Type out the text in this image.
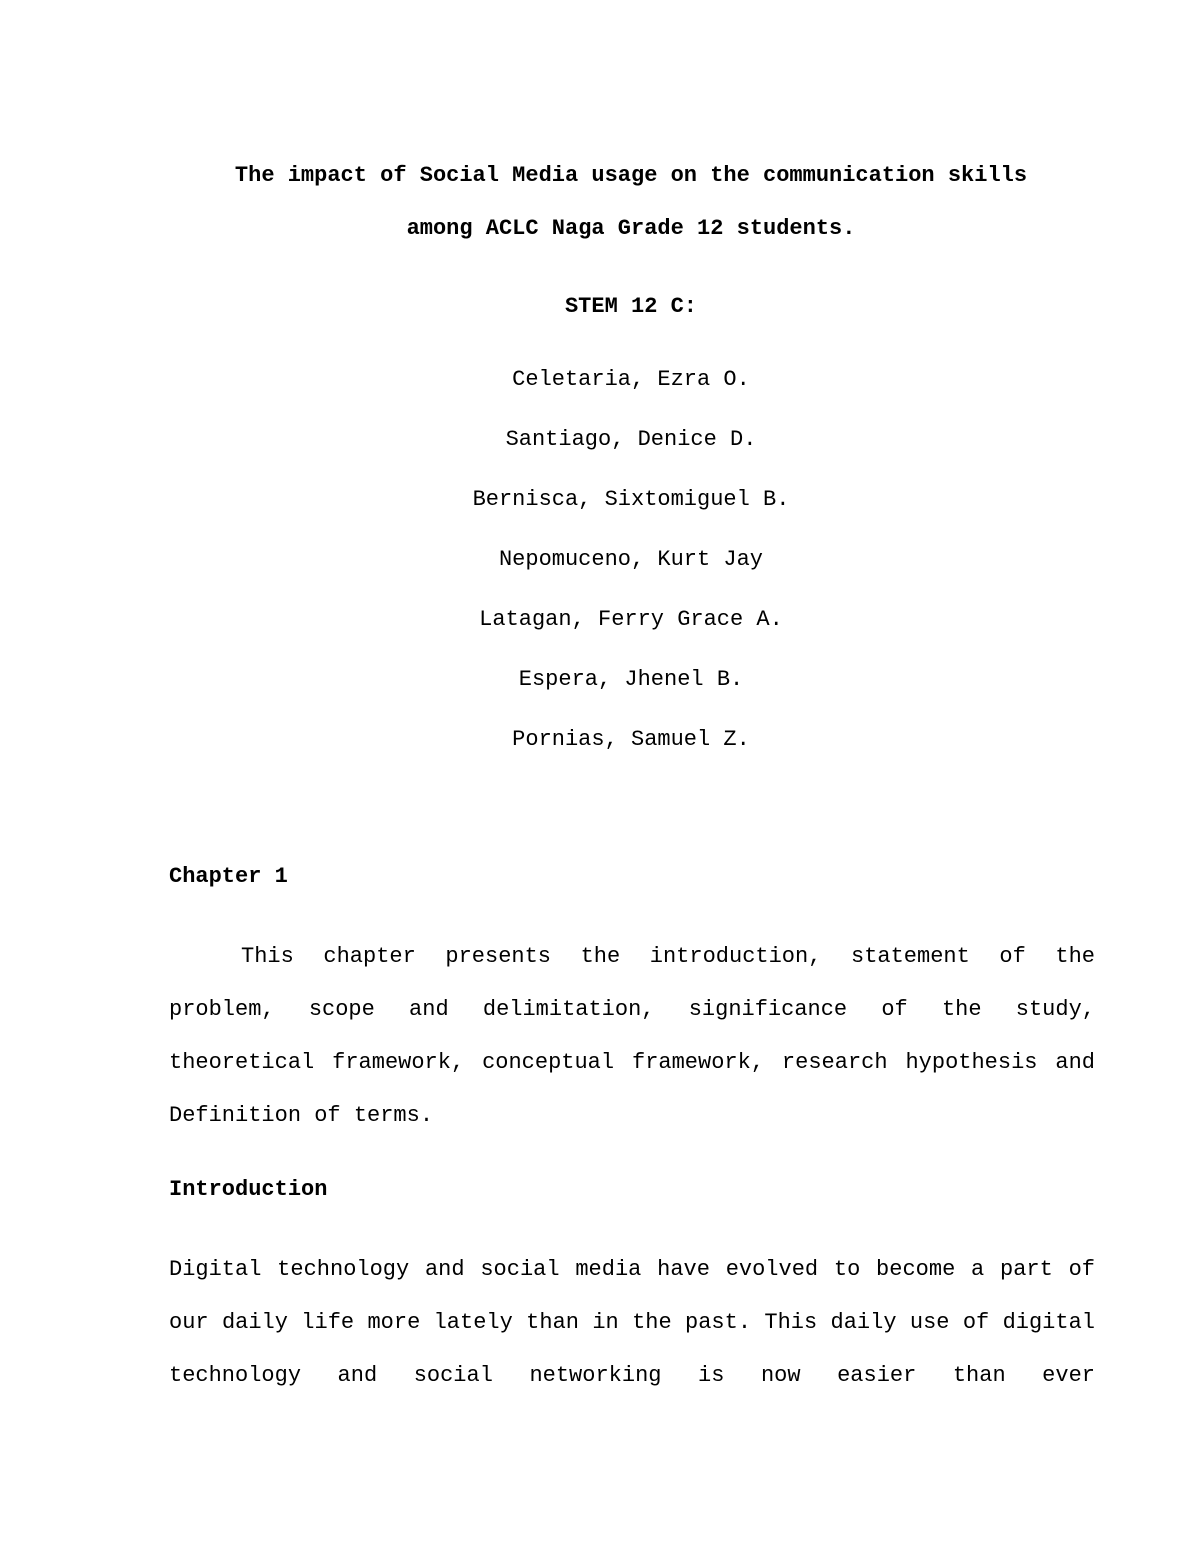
The impact of Social Media usage on the communication skills
among ACLC Naga Grade 12 students.
STEM 12 C:
Celetaria, Ezra O.
Santiago, Denice D.
Bernisca, Sixtomiguel B.
Nepomuceno, Kurt Jay
Latagan, Ferry Grace A.
Espera, Jhenel B.
Pornias, Samuel Z.
Chapter 1

This chapter presents the introduction, statement of the problem, scope and delimitation, significance of the study, theoretical framework, conceptual framework, research hypothesis and Definition of terms.

Introduction

Digital technology and social media have evolved to become a part of our daily life more lately than in the past. This daily use of digital technology and social networking is now easier than ever
